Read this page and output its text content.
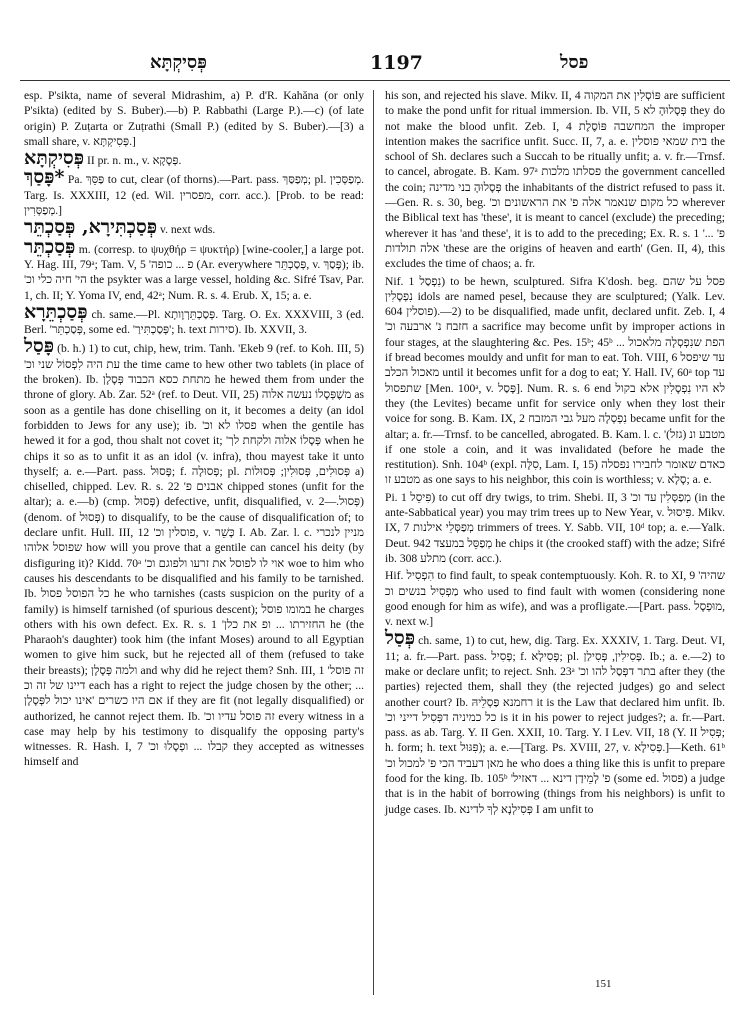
פְּסִיקְתָּא	1197	פסל

esp. P'sikta, name of several Midrashim, a) P. d'R. Kahăna (or only P'sikta) (edited by S. Buber).—b) P. Rabbathi (Large P.).—c) (of late origin) P. Zuṭarta or Zuṭrathi (Small P.) (edited by S. Buber).—[3) a small share, v. פְּסִיקְתָּא.]

פְּסִיקְתָּא II pr. n. m., v. פְּסָקָא.

*פָּסַךְ Pa. פַּסֵּךְ to cut, clear (of thorns).—Part. pass. מְפַסַּךְ; pl. מְפַסְּכִין. Targ. Is. XXXIII, 12 (ed. Wil. מפסרין, corr. acc.). [Prob. to be read: מְפַסְּרִין.]

פְּסַכְתִּירָא, פְּסַכְתֵּר v. next wds.

פְּסַכְתֵּר m. (corresp. to ψυχθήρ = ψυκτήρ) [wine-cooler,] a large pot. Y. Hag. III, 79ᵃ; Tam. V, 5 'פ ... כופה (Ar. everywhere פְּסַכְתֵּר, v. פָּסַךְ); ib. 'הי' חיה כלי וכ the psykter was a large vessel, holding &c. Sifré Tsav, Par. 1, ch. II; Y. Yoma IV, end, 42ᵃ; Num. R. s. 4. Erub. X, 15; a. e.

פְּסַכְתֵּרָא ch. same.—Pl. פְּסַכְתֵּרְוָותָא. Targ. O. Ex. XXXVIII, 3 (ed. Berl. 'פְּסַכְתֵּר, some ed. 'פְּסַכְתִּירַ'; h. text סירות). Ib. XXVII, 3.

פָּסַל (b. h.) 1) to cut, chip, hew, trim. Tanh. 'Ekeb 9 (ref. to Koh. III, 5) 'עת היה לִפְסוֹל שני וכ the time came to hew other two tablets (in place of the broken). Ib. מתחת כסא הכבוד פְּסָלָן he hewed them from under the throne of glory. Ab. Zar. 52ᵃ (ref. to Deut. VII, 25) משֶׁפְּסָלוֹ נעשה אלוה as soon as a gentile has done chiselling on it, it becomes a deity (an idol forbidden to Jews for any use); ib. 'פסלו לא וכ when the gentile has hewed it for a god, thou shalt not covet it; 'פְּסָלוֹ אלוה ולקחת לך when he chips it so as to unfit it as an idol (v. infra), thou mayest take it unto thyself; a. e.—Part. pass. פָּסוּל; f. פְּסוּלָה; pl. פְּסוּלִים, פְּסוּלִין; פְּסוּלוֹת a) chiselled, chipped. Lev. R. s. 22 'אבנים פ chipped stones (unfit for the altar); a. e.—b) (cmp. פְּסוּל) defective, unfit, disqualified, v. פְּסוּל.—2) (denom. of פְּסוּל) to disqualify, to be the cause of disqualification of; to declare unfit. Hull. III, 12 'פוסלין וכ, v. כָּשֵׁר I. Ab. Zar. l. c. מניין לנכרי שפוסל אלוהו how will you prove that a gentile can cancel his deity (by disfiguring it)? Kidd. 70ᵃ 'אוי לו לפוסל את זרעו ולפוגם וכ woe to him who causes his descendants to be disqualified and his family to be tarnished. Ib. כל הפוסל פסול he who tarnishes (casts suspicion on the purity of a family) is himself tarnished (of spurious descent); במומו פוסל he charges others with his own defect. Ex. R. s. 1 'החזירתו ... ופ את כלן he (the Pharaoh's daughter) took him (the infant Moses) around to all Egyptian women to give him suck, but he rejected all of them (refused to take their breasts); ולמה פְּסָלָן and why did he reject them? Snh. III, 1 'זה פוסל דיינו של זה וכ each has a right to reject the judge chosen by the other; ... אם היו כשרים 'אינו יכול לפְּסָלָן if they are fit (not legally disqualified) or authorized, he cannot reject them. Ib. 'זה פוסל עדיו וכ every witness in a case may help by his testimony to disqualify the opposing party's witnesses. R. Hash. I, 7 'קבלו ... ופְסָלוּ וכ they accepted as witnesses himself and

his son, and rejected his slave. Mikv. II, 4 פּוֹסְלִין את המקוה are sufficient to make the pond unfit for ritual immersion. Ib. VII, 5 פְּסָלוּהָ לא they do not make the blood unfit. Zeb. I, 4 המחשבה פּוֹסֶלֶת the improper intention makes the sacrifice unfit. Succ. II, 7, a. e. בית שמאי פוסלין the school of Sh. declares such a Succah to be ritually unfit; a. v. fr.—Trnsf. to cancel, abrogate. B. Kam. 97ᵃ פסלתו מלכות the government cancelled the coin; פְּסָלוּהָ בני מדינה the inhabitants of the district refused to pass it.—Gen. R. s. 30, beg. 'כל מקום שנאמר אלה פ' את הראשונים וכ wherever the Biblical text has 'these', it is meant to cancel (exclude) the preceding; wherever it has 'and these', it is to add to the preceding; Ex. R. s. 1 '... פ' אלה תולדות 'these are the origins of heaven and earth' (Gen. II, 4), this excludes the time of chaos; a. fr.

Nif. נִפְסַל 1) to be hewn, sculptured. Sifra K'dosh. beg. פסל על שהם נִפְסָלִין idols are named pesel, because they are sculptured; (Yalk. Lev. 604 פוסלין).—2) to be disqualified, made unfit, declared unfit. Zeb. I, 4 'חזבח נ' ארבעה וכ a sacrifice may become unfit by improper actions in four stages, at the slaughtering &c. Pes. 15ᵇ; 45ᵇ ... הפת שנִפְסְלָה מלאכול if bread becomes mouldy and unfit for man to eat. Toh. VIII, 6 עד שיפסל מאכול הכלב until it becomes unfit for a dog to eat; Y. Hall. IV, 60ᵃ top עד שתפסול [Men. 100ᵃ, v. פָּסַל]. Num. R. s. 6 end לא היו נִפְסָלִין אלא בקול they (the Levites) became unfit for service only when they lost their voice for song. B. Kam. IX, 2 נִפְסְלָה מעל גבי המזבח became unfit for the altar; a. fr.—Trnsf. to be cancelled, abrogated. B. Kam. l. c. '(גזל) מטבע ונ if one stole a coin, and it was invalidated (before he made the restitution). Snh. 104ᵇ (expl. סִלָּה, Lam. I, 15) כאדם שאומר לחבירו נפסלה מטבע זו as one says to his neighbor, this coin is worthless; v. סָלָא; a. e.

Pi. פִּיסֵל 1) to cut off dry twigs, to trim. Shebi. II, 3 'מְפַסְּלִין עד וכ (in the ante-Sabbatical year) you may trim trees up to New Year, v. פִּיסוּל. Mikv. IX, 7 מְפַסְּלֵי אילנות trimmers of trees. Y. Sabb. VII, 10ᵈ top; a. e.—Yalk. Deut. 942 מְפַסֵּל במעצד he chips it (the crooked staff) with the adze; Sifré ib. 308 מתלע (corr. acc.).

Hif. הִפְסִיל to find fault, to speak contemptuously. Koh. R. to XI, 9 'שהיה מַפְסִיל בנשים וכ who used to find fault with women (considering none good enough for him as wife), and was a profligate.—[Part. pass. מוּפְסָל, v. next w.]

פְּסַל ch. same, 1) to cut, hew, dig. Targ. Ex. XXXIV, 1. Targ. Deut. VI, 11; a. fr.—Part. pass. פְּסִיל; f. פְּסִילָא; pl. פְּסִילִין, פְּסִילַן. Ib.; a. e.—2) to make or declare unfit; to reject. Snh. 23ᵃ 'בתר דפְּסַל להו וכ after they (the parties) rejected them, shall they (the rejected judges) go and select another court? Ib. רחמנא פַּסְלֵיהּ it is the Law that declared him unfit. Ib. 'כל כמיניה דפְּסִיל דייני וכ is it in his power to reject judges?; a. fr.—Part. pass. as ab. Targ. Y. II Gen. XXII, 10. Targ. Y. I Lev. VII, 18 (Y. II פְּסִיל; h. form; h. text פִּגּוּל); a. e.—[Targ. Ps. XVIII, 27, v. פְּסִילָא.]—Keth. 61ᵇ 'מאן דעביד הכי פ' למכול וכ he who does a thing like this is unfit to prepare food for the king. Ib. 105ᵇ 'פ' לְמֵידַן דינא ... דאזיל (some ed. פסול) a judge that is in the habit of borrowing (things from his neighbors) is unfit to judge cases. Ib. פְּסִילְנָא לְךָ לדינא I am unfit to

151
